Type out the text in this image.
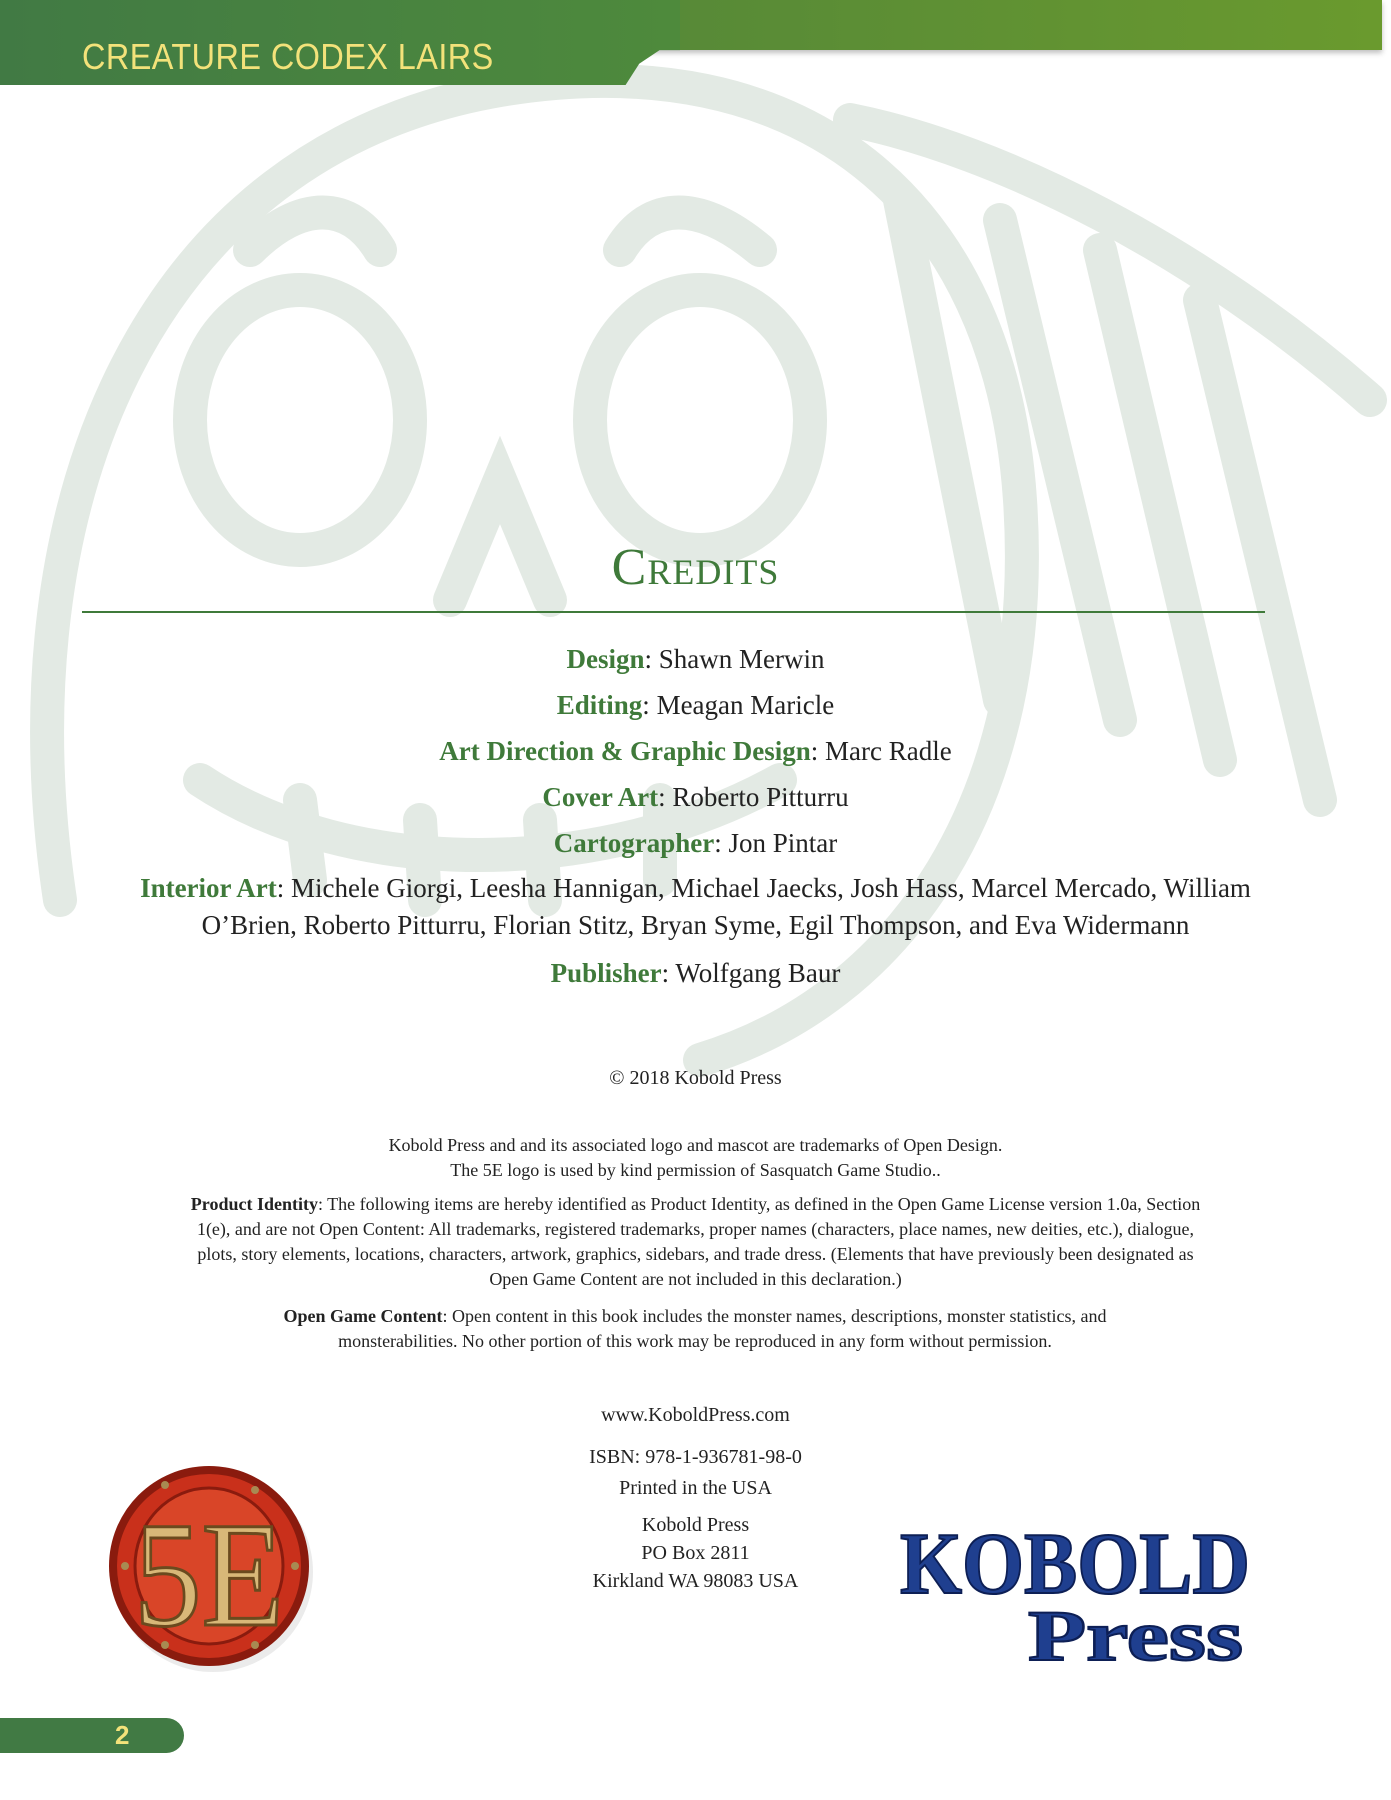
CREATURE CODEX LAIRS
Credits
Design: Shawn Merwin
Editing: Meagan Maricle
Art Direction & Graphic Design: Marc Radle
Cover Art: Roberto Pitturru
Cartographer: Jon Pintar
Interior Art: Michele Giorgi, Leesha Hannigan, Michael Jaecks, Josh Hass, Marcel Mercado, William O’Brien, Roberto Pitturru, Florian Stitz, Bryan Syme, Egil Thompson, and Eva Widermann
Publisher: Wolfgang Baur
© 2018 Kobold Press
Kobold Press and and its associated logo and mascot are trademarks of Open Design.
The 5E logo is used by kind permission of Sasquatch Game Studio..
Product Identity: The following items are hereby identified as Product Identity, as defined in the Open Game License version 1.0a, Section 1(e), and are not Open Content: All trademarks, registered trademarks, proper names (characters, place names, new deities, etc.), dialogue, plots, story elements, locations, characters, artwork, graphics, sidebars, and trade dress. (Elements that have previously been designated as Open Game Content are not included in this declaration.)
Open Game Content: Open content in this book includes the monster names, descriptions, monster statistics, and monsterabilities. No other portion of this work may be reproduced in any form without permission.
www.KoboldPress.com
ISBN: 978-1-936781-98-0
Printed in the USA
Kobold Press
PO Box 2811
Kirkland WA 98083 USA
5E	KOBOLD
Press
2
